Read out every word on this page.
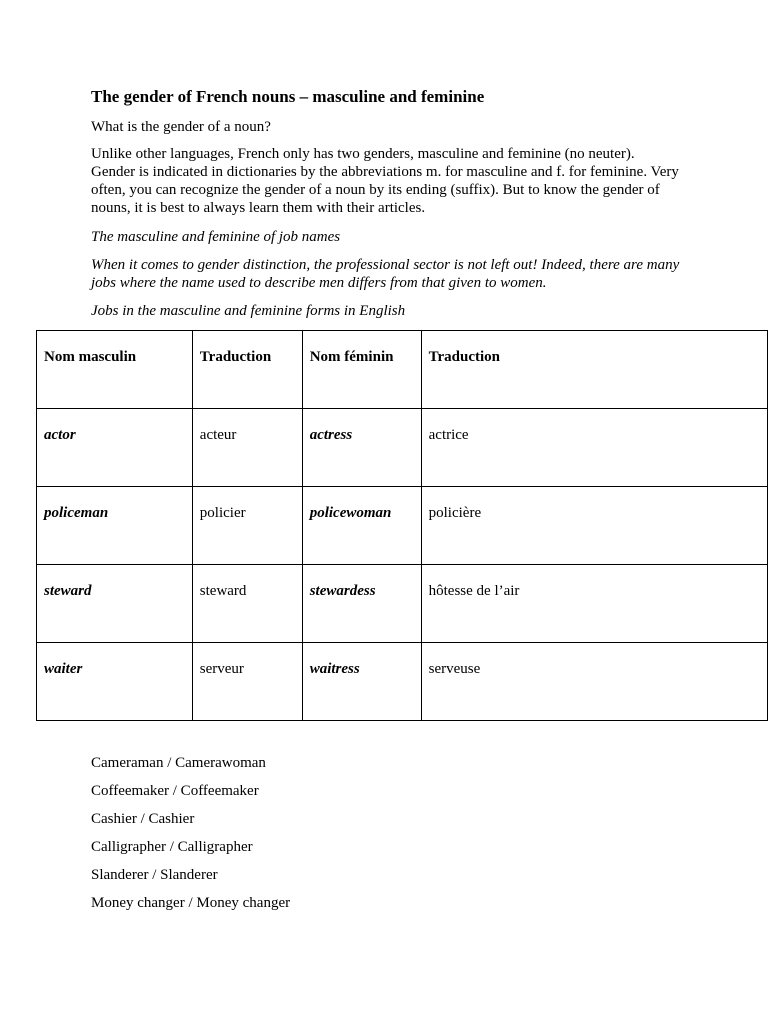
The gender of French nouns – masculine and feminine
What is the gender of a noun?
Unlike other languages, French only has two genders, masculine and feminine (no neuter). Gender is indicated in dictionaries by the abbreviations m. for masculine and f. for feminine. Very often, you can recognize the gender of a noun by its ending (suffix). But to know the gender of nouns, it is best to always learn them with their articles.
The masculine and feminine of job names
When it comes to gender distinction, the professional sector is not left out! Indeed, there are many jobs where the name used to describe men differs from that given to women.
Jobs in the masculine and feminine forms in English
Nom masculin	Traduction	Nom féminin	Traduction

actor	acteur	actress	actrice

policeman	policier	policewoman	policière

steward	steward	stewardess	hôtesse de l’air

waiter	serveur	waitress	serveuse
Cameraman / Camerawoman
Coffeemaker / Coffeemaker
Cashier / Cashier
Calligrapher / Calligrapher
Slanderer / Slanderer
Money changer / Money changer
